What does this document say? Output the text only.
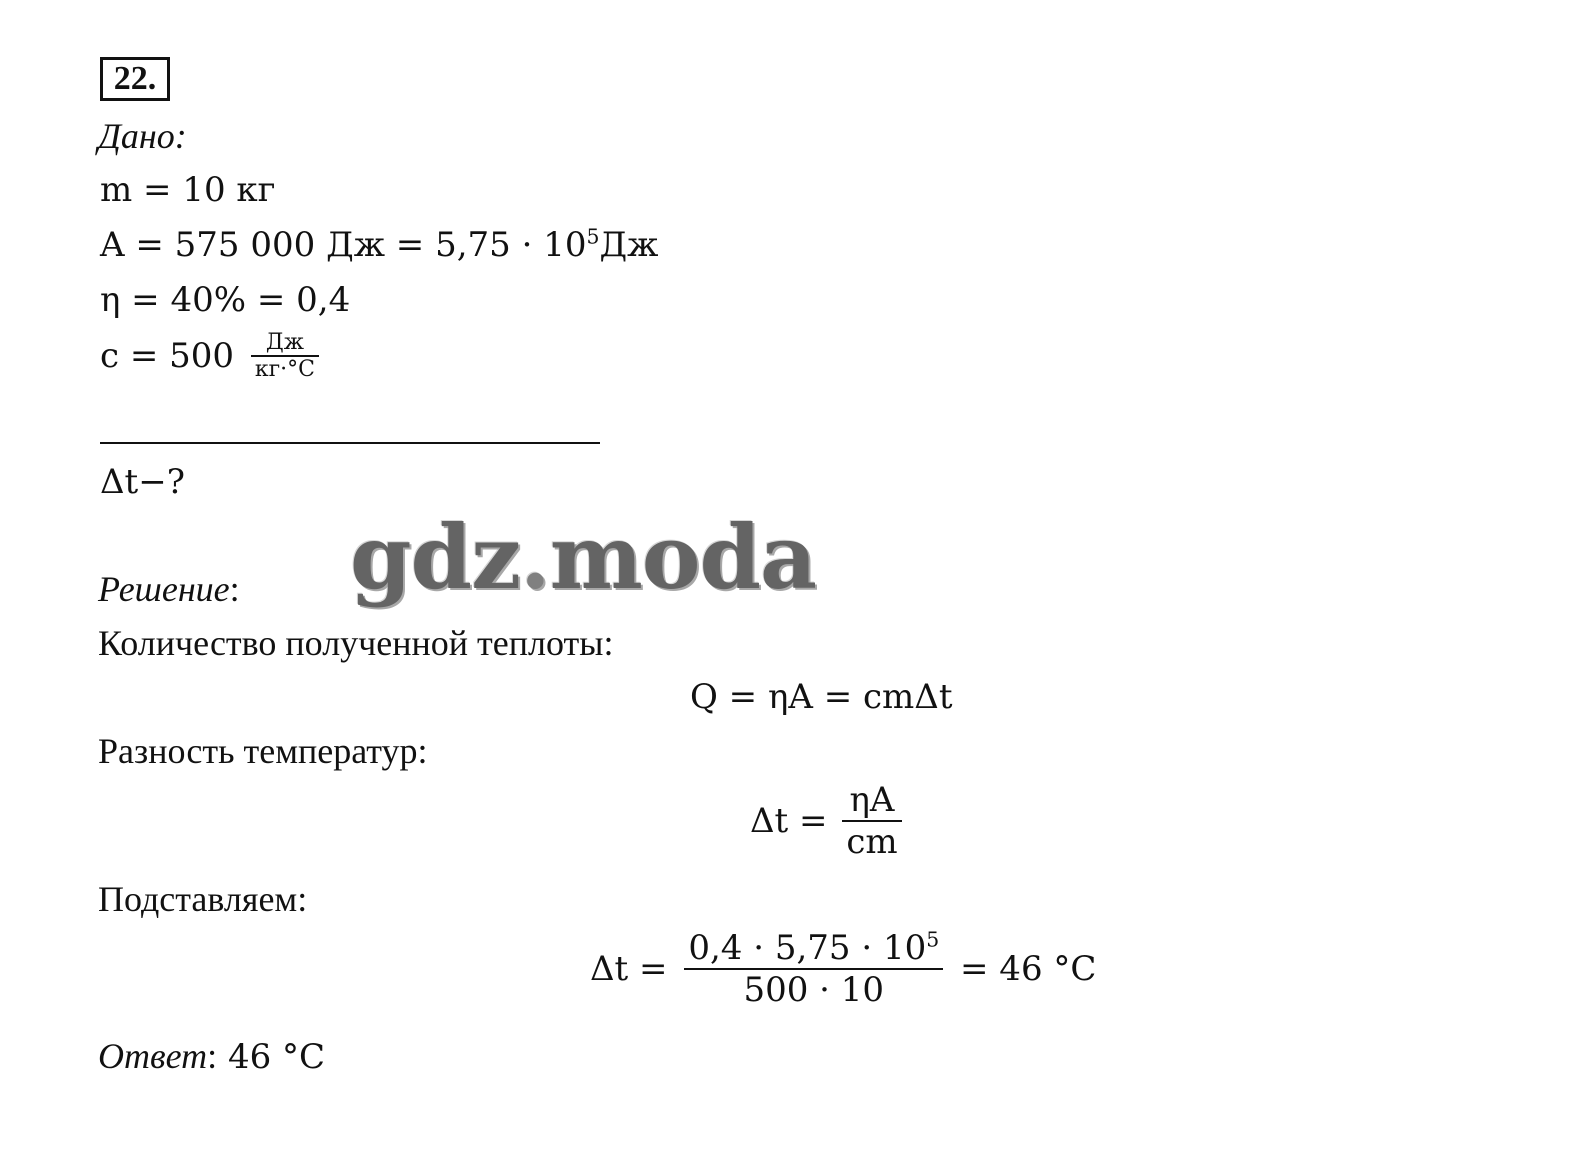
22.
Дано:
m = 10 кг
A = 575 000 Дж = $5,75 \cdot 10^5Дж$
η = 40% = 0,4
$c = 500 \frac{Дж}{кг\cdot^\circ C}$
Δt−?
gdz.moda
Решение:
Количество полученной теплоты:
Q = ηA = cmΔt
Разность температур:
$\Delta t = \frac{\eta A}{cm}$
Подставляем:
$\Delta t = \frac{0,4 \cdot 5,75 \cdot 10^5}{500 \cdot 10} = 46$ °C
Ответ: 46 °C
